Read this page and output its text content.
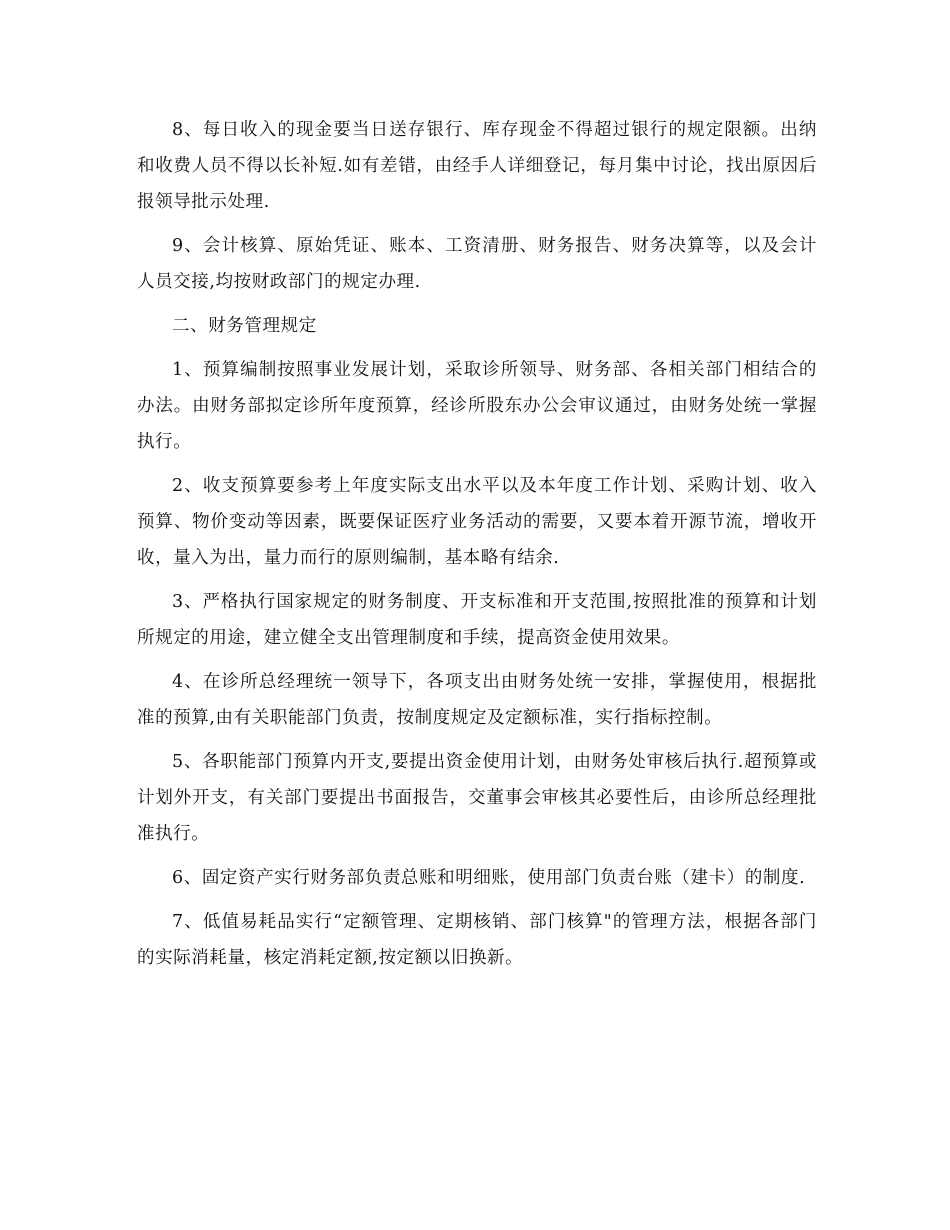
8、每日收入的现金要当日送存银行、库存现金不得超过银行的规定限额。出纳和收费人员不得以长补短.如有差错，由经手人详细登记，每月集中讨论，找出原因后报领导批示处理.

9、会计核算、原始凭证、账本、工资清册、财务报告、财务决算等，以及会计人员交接,均按财政部门的规定办理.

二、财务管理规定

1、预算编制按照事业发展计划，采取诊所领导、财务部、各相关部门相结合的办法。由财务部拟定诊所年度预算，经诊所股东办公会审议通过，由财务处统一掌握执行。

2、收支预算要参考上年度实际支出水平以及本年度工作计划、采购计划、收入预算、物价变动等因素，既要保证医疗业务活动的需要，又要本着开源节流，增收开收，量入为出，量力而行的原则编制，基本略有结余.

3、严格执行国家规定的财务制度、开支标准和开支范围,按照批准的预算和计划所规定的用途，建立健全支出管理制度和手续，提高资金使用效果。

4、在诊所总经理统一领导下，各项支出由财务处统一安排，掌握使用，根据批准的预算,由有关职能部门负责，按制度规定及定额标准，实行指标控制。

5、各职能部门预算内开支,要提出资金使用计划，由财务处审核后执行.超预算或计划外开支，有关部门要提出书面报告，交董事会审核其必要性后，由诊所总经理批准执行。

6、固定资产实行财务部负责总账和明细账，使用部门负责台账（建卡）的制度.

7、低值易耗品实行“定额管理、定期核销、部门核算"的管理方法，根据各部门的实际消耗量，核定消耗定额,按定额以旧换新。
